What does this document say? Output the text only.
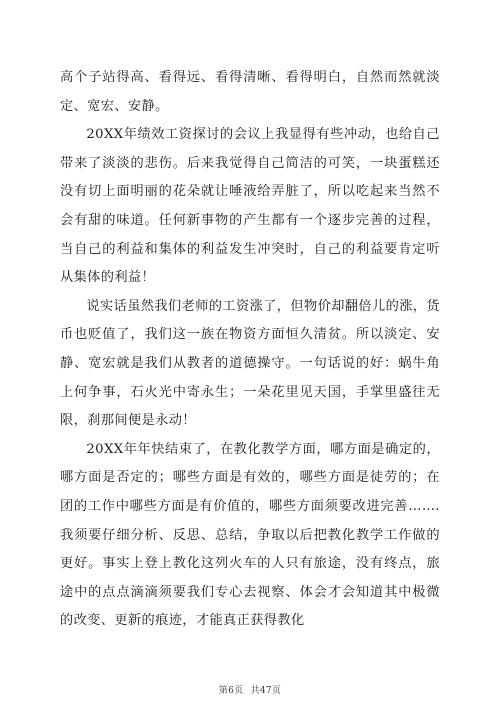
高个子站得高、看得远、看得清晰、看得明白，自然而然就淡定、宽宏、安静。

20XX年绩效工资探讨的会议上我显得有些冲动，也给自己带来了淡淡的悲伤。后来我觉得自己简洁的可笑，一块蛋糕还没有切上面明丽的花朵就让唾液给弄脏了，所以吃起来当然不会有甜的味道。任何新事物的产生都有一个逐步完善的过程，当自己的利益和集体的利益发生冲突时，自己的利益要肯定听从集体的利益！

说实话虽然我们老师的工资涨了，但物价却翻倍儿的涨，货币也贬值了，我们这一族在物资方面恒久清贫。所以淡定、安静、宽宏就是我们从教者的道德操守。一句话说的好：蜗牛角上何争事，石火光中寄永生；一朵花里见天国，手掌里盛往无限，刹那间便是永动！

20XX年年快结束了，在教化教学方面，哪方面是确定的，哪方面是否定的；哪些方面是有效的，哪些方面是徒劳的；在团的工作中哪些方面是有价值的，哪些方面须要改进完善…….我须要仔细分析、反思、总结，争取以后把教化教学工作做的更好。事实上登上教化这列火车的人只有旅途，没有终点，旅途中的点点滴滴须要我们专心去视察、体会才会知道其中极微的改变、更新的痕迹，才能真正获得教化

第6页 共47页
